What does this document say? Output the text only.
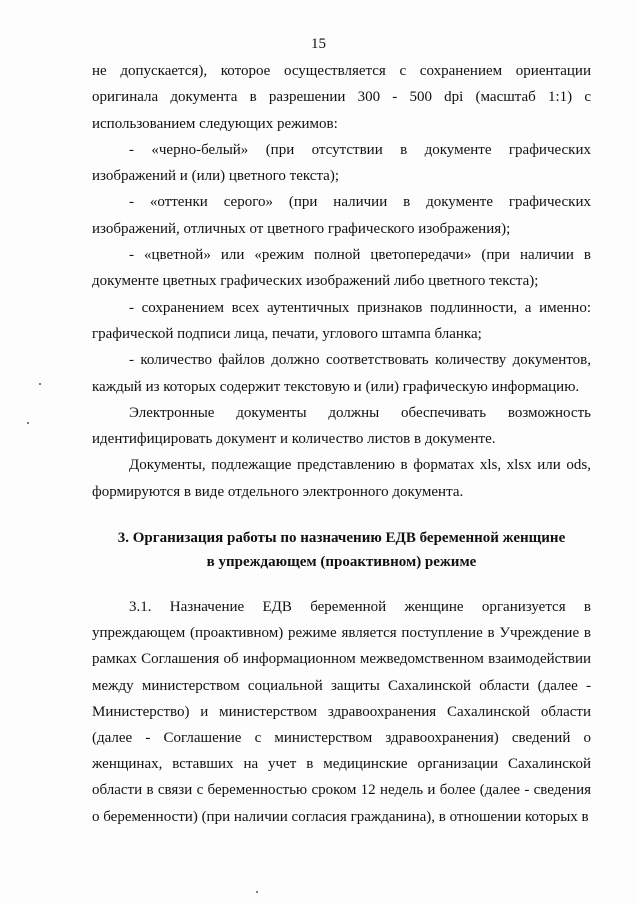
15

не допускается), которое осуществляется с сохранением ориентации оригинала документа в разрешении 300 - 500 dpi (масштаб 1:1) с использованием следующих режимов:

- «черно-белый» (при отсутствии в документе графических изображений и (или) цветного текста);

- «оттенки серого» (при наличии в документе графических изображений, отличных от цветного графического изображения);

- «цветной» или «режим полной цветопередачи» (при наличии в документе цветных графических изображений либо цветного текста);

- сохранением всех аутентичных признаков подлинности, а именно: графической подписи лица, печати, углового штампа бланка;

- количество файлов должно соответствовать количеству документов, каждый из которых содержит текстовую и (или) графическую информацию.

Электронные документы должны обеспечивать возможность идентифицировать документ и количество листов в документе.

Документы, подлежащие представлению в форматах xls, xlsx или ods, формируются в виде отдельного электронного документа.

3. Организация работы по назначению ЕДВ беременной женщине
в упреждающем (проактивном) режиме

3.1. Назначение ЕДВ беременной женщине организуется в упреждающем (проактивном) режиме является поступление в Учреждение в рамках Соглашения об информационном межведомственном взаимодействии между министерством социальной защиты Сахалинской области (далее - Министерство) и министерством здравоохранения Сахалинской области (далее - Соглашение с министерством здравоохранения) сведений о женщинах, вставших на учет в медицинские организации Сахалинской области в связи с беременностью сроком 12 недель и более (далее - сведения о беременности) (при наличии согласия гражданина), в отношении которых в
